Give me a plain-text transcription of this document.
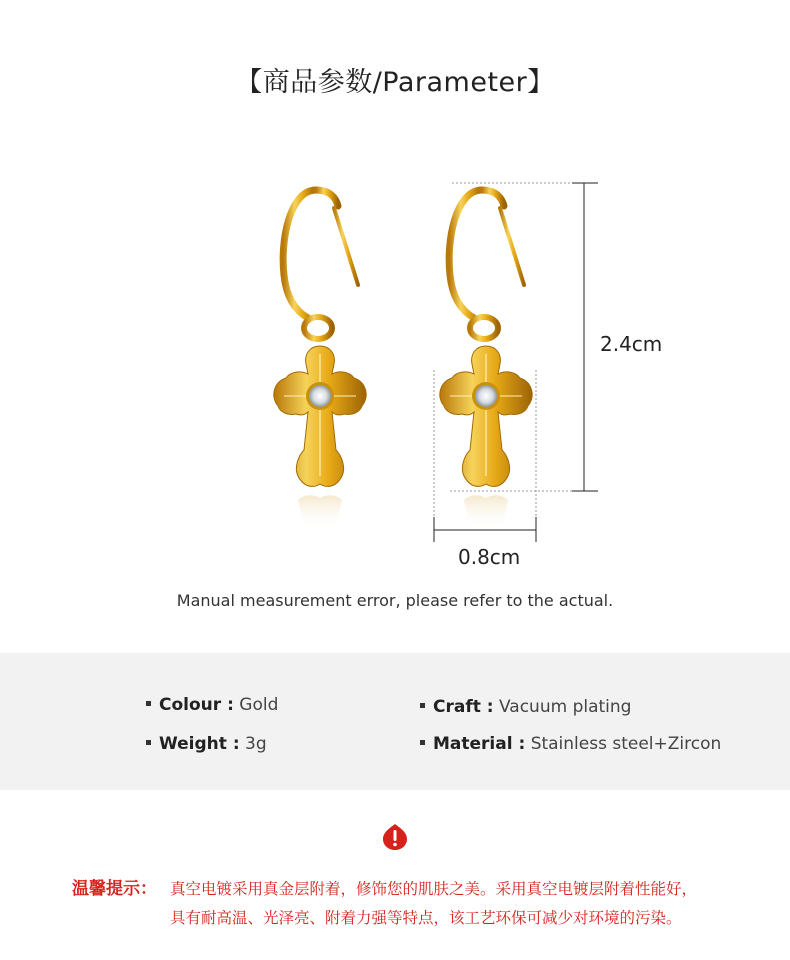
【商品参数/Parameter】
2.4cm
0.8cm
Manual measurement error, please refer to the actual.
Colour : Gold
Weight : 3g
Craft : Vacuum plating
Material : Stainless steel+Zircon
温馨提示： 真空电镀采用真金层附着，修饰您的肌肤之美。采用真空电镀层附着性能好，
具有耐高温、光泽亮、附着力强等特点，该工艺环保可减少对环境的污染。
